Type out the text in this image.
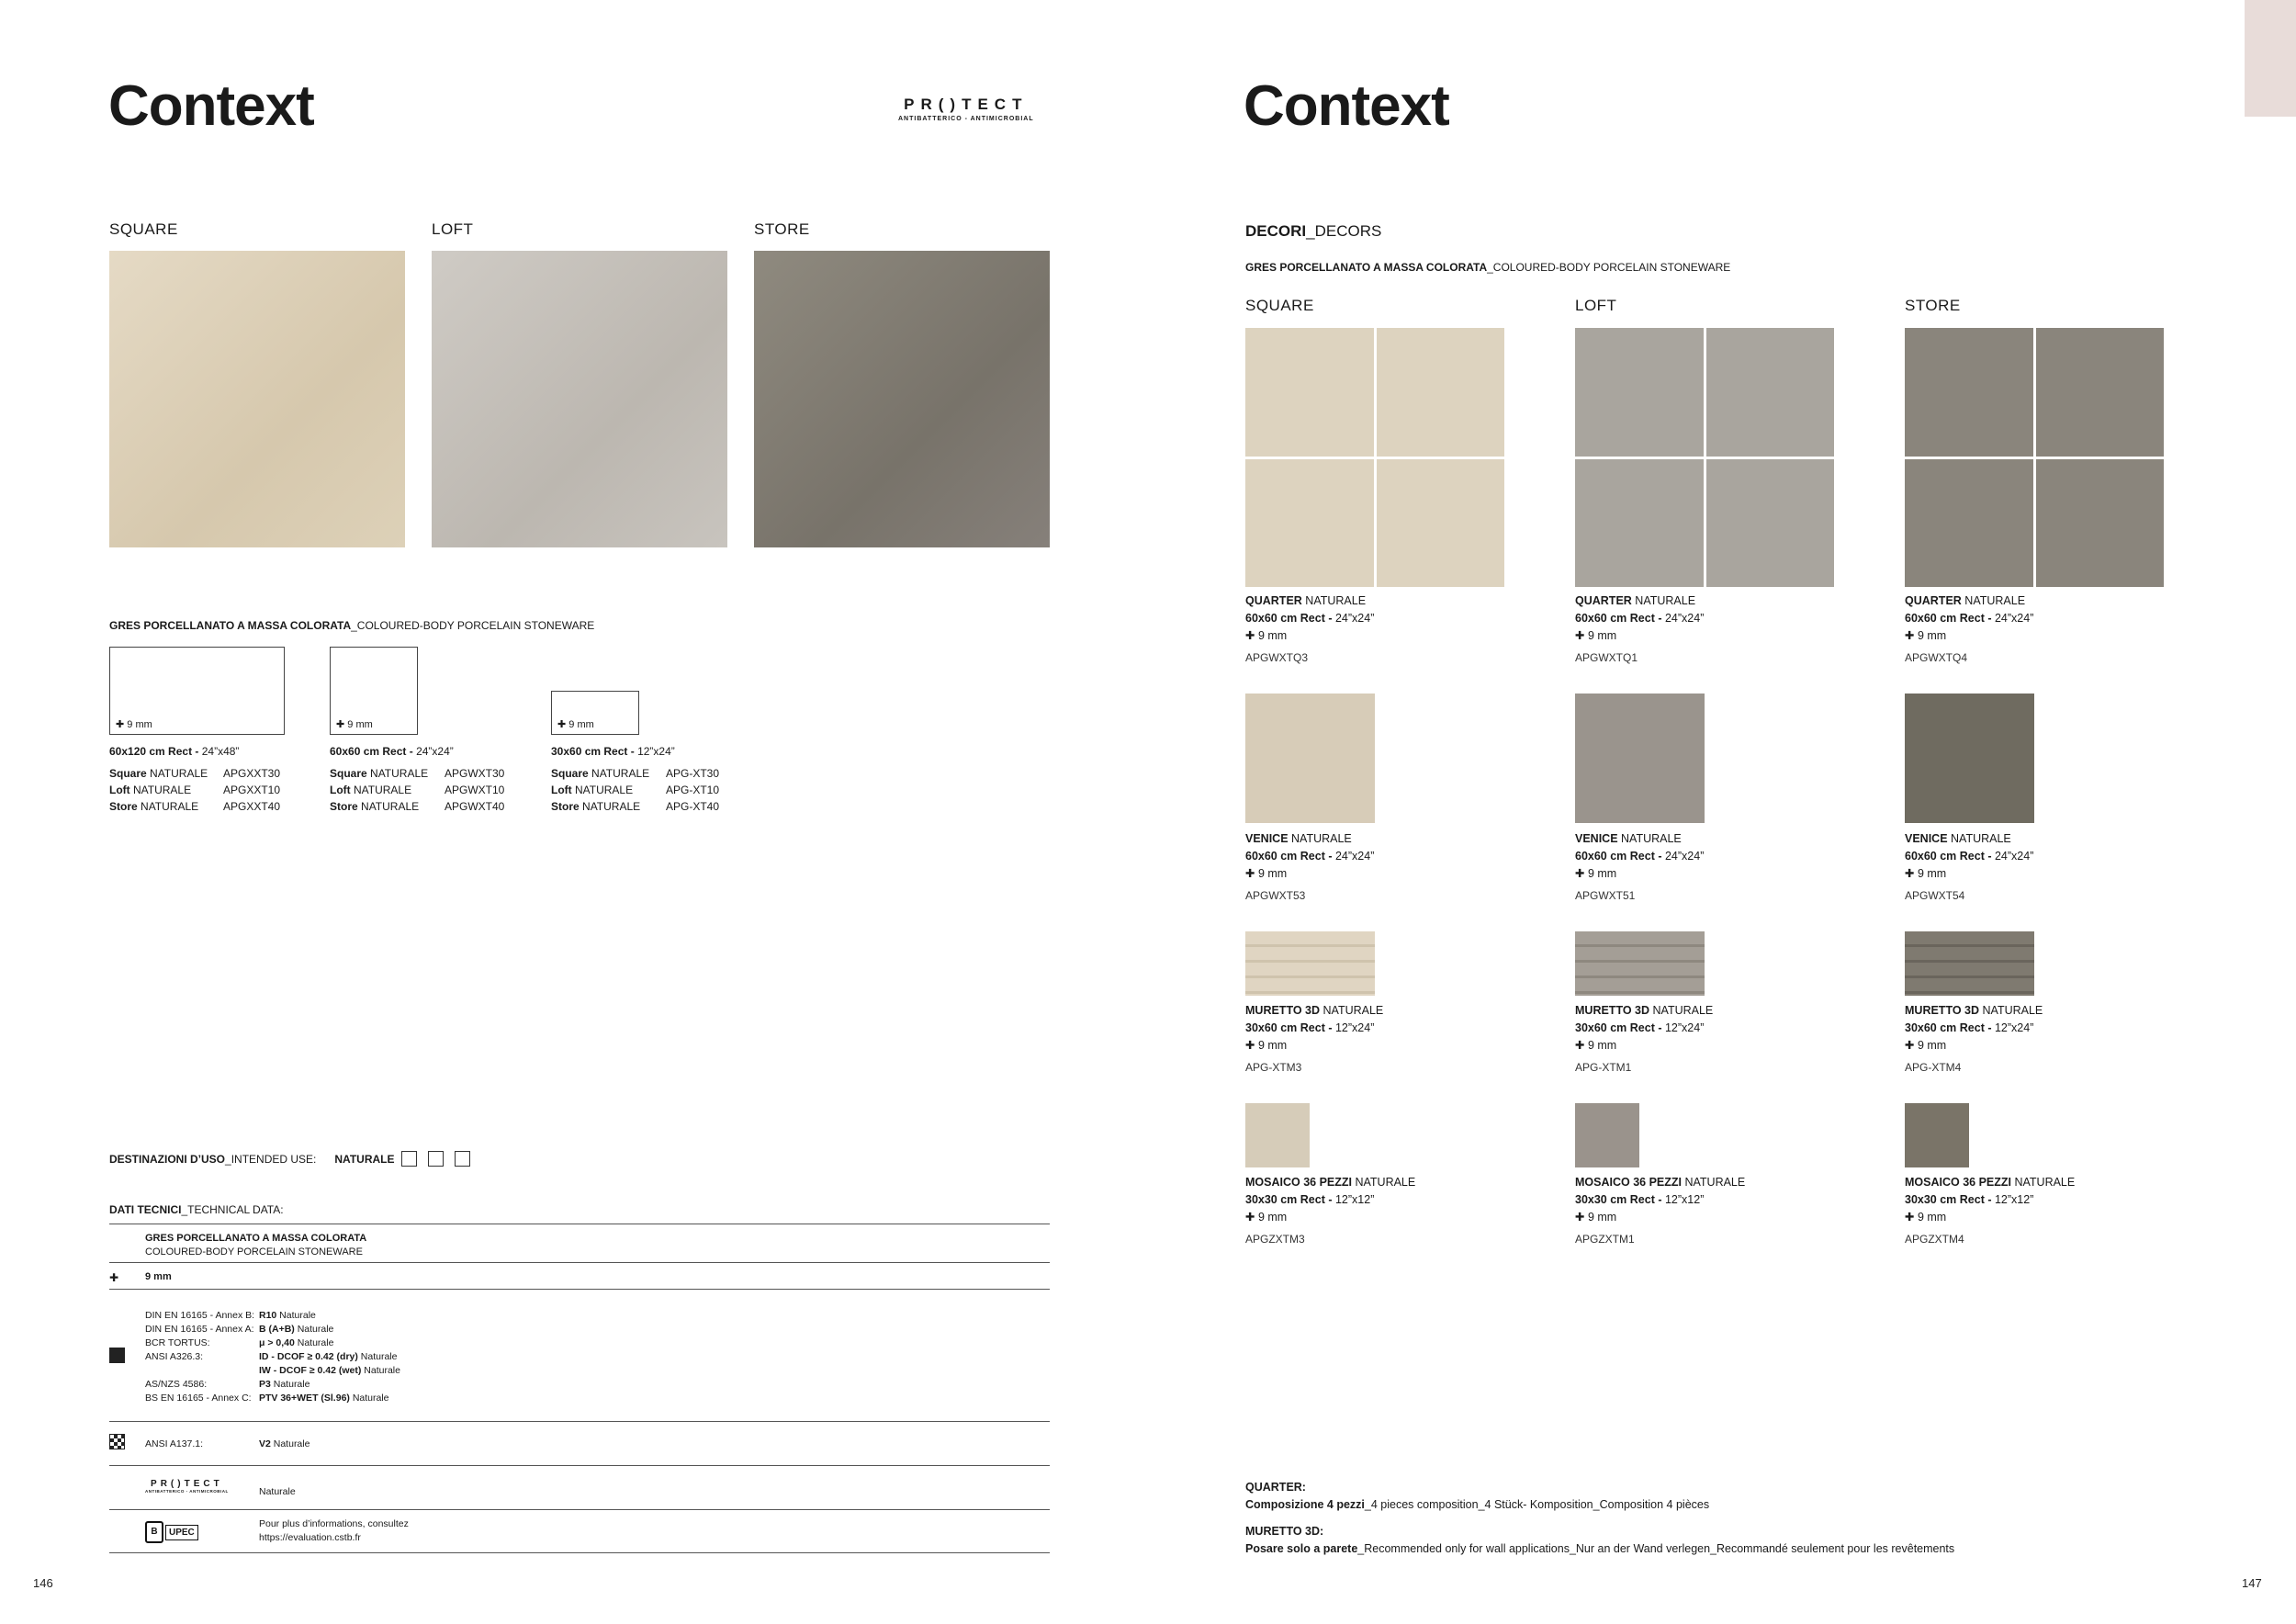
Context	PR()TECT
ANTIBATTERICO - ANTIMICROBIAL
SQUARE	LOFT	STORE
GRES PORCELLANATO A MASSA COLORATA_COLOURED-BODY PORCELAIN STONEWARE
✚ 9 mm	✚ 9 mm	✚ 9 mm
60x120 cm Rect - 24”x48”
Square NATURALE	APGXXT30
Loft NATURALE	APGXXT10
Store NATURALE	APGXXT40
60x60 cm Rect - 24”x24”
Square NATURALE	APGWXT30
Loft NATURALE	APGWXT10
Store NATURALE	APGWXT40
30x60 cm Rect - 12”x24”
Square NATURALE	APG-XT30
Loft NATURALE	APG-XT10
Store NATURALE	APG-XT40
DESTINAZIONI D’USO _INTENDED USE: NATURALE
DATI TECNICI_TECHNICAL DATA:
GRES PORCELLANATO A MASSA COLORATA
COLOURED-BODY PORCELAIN STONEWARE
✚	9 mm
DIN EN 16165 - Annex B: R10 Naturale
DIN EN 16165 - Annex A: B (A+B) Naturale
BCR TORTUS:	μ > 0,40 Naturale
ANSI A326.3:	ID - DCOF ≥ 0.42 (dry) Naturale
IW - DCOF ≥ 0.42 (wet) Naturale
AS/NZS 4586:	P3 Naturale
BS EN 16165 - Annex C: PTV 36+WET (Sl.96) Naturale
ANSI A137.1:	V2 Naturale
PR()TECT
ANTIBATTERICO - ANTIMICROBIAL	Naturale
B	UPEC
Pour plus d’informations, consultez
https://evaluation.cstb.fr
146
Context
DECORI_DECORS
GRES PORCELLANATO A MASSA COLORATA_COLOURED-BODY PORCELAIN STONEWARE
SQUARE	LOFT	STORE
QUARTER NATURALE
60x60 cm Rect - 24”x24”
✚ 9 mm
APGWXTQ3
QUARTER NATURALE
60x60 cm Rect - 24”x24”
✚ 9 mm
APGWXTQ1
QUARTER NATURALE
60x60 cm Rect - 24”x24”
✚ 9 mm
APGWXTQ4
VENICE NATURALE
60x60 cm Rect - 24”x24”
✚ 9 mm
APGWXT53
VENICE NATURALE
60x60 cm Rect - 24”x24”
✚ 9 mm
APGWXT51
VENICE NATURALE
60x60 cm Rect - 24”x24”
✚ 9 mm
APGWXT54
MURETTO 3D NATURALE
30x60 cm Rect - 12”x24”
✚ 9 mm
APG-XTM3
MURETTO 3D NATURALE
30x60 cm Rect - 12”x24”
✚ 9 mm
APG-XTM1
MURETTO 3D NATURALE
30x60 cm Rect - 12”x24”
✚ 9 mm
APG-XTM4
MOSAICO 36 PEZZI NATURALE
30x30 cm Rect - 12”x12”
✚ 9 mm
APGZXTM3
MOSAICO 36 PEZZI NATURALE
30x30 cm Rect - 12”x12”
✚ 9 mm
APGZXTM1
MOSAICO 36 PEZZI NATURALE
30x30 cm Rect - 12”x12”
✚ 9 mm
APGZXTM4
QUARTER:
Composizione 4 pezzi_4 pieces composition_4 Stück- Komposition_Composition 4 pièces
MURETTO 3D:
Posare solo a parete_Recommended only for wall applications_Nur an der Wand verlegen_Recommandé seulement pour les revêtements
147
